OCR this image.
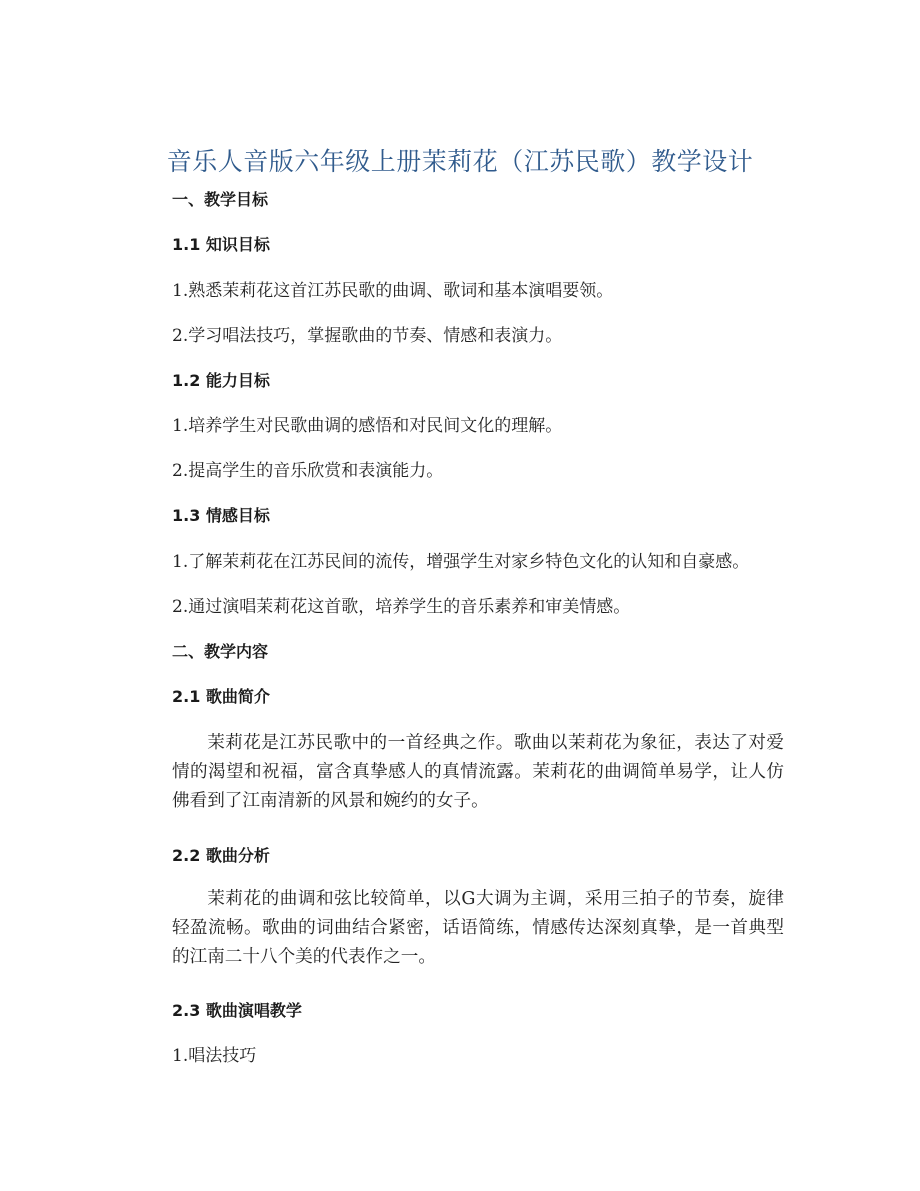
音乐人音版六年级上册茉莉花（江苏民歌）教学设计
一、教学目标
1.1 知识目标
1.熟悉茉莉花这首江苏民歌的曲调、歌词和基本演唱要领。
2.学习唱法技巧，掌握歌曲的节奏、情感和表演力。
1.2 能力目标
1.培养学生对民歌曲调的感悟和对民间文化的理解。
2.提高学生的音乐欣赏和表演能力。
1.3 情感目标
1.了解茉莉花在江苏民间的流传，增强学生对家乡特色文化的认知和自豪感。
2.通过演唱茉莉花这首歌，培养学生的音乐素养和审美情感。
二、教学内容
2.1 歌曲简介
茉莉花是江苏民歌中的一首经典之作。歌曲以茉莉花为象征，表达了对爱情的渴望和祝福，富含真挚感人的真情流露。茉莉花的曲调简单易学，让人仿佛看到了江南清新的风景和婉约的女子。
2.2 歌曲分析
茉莉花的曲调和弦比较简单，以G大调为主调，采用三拍子的节奏，旋律轻盈流畅。歌曲的词曲结合紧密，话语简练，情感传达深刻真挚，是一首典型的江南二十八个美的代表作之一。
2.3 歌曲演唱教学
1.唱法技巧
